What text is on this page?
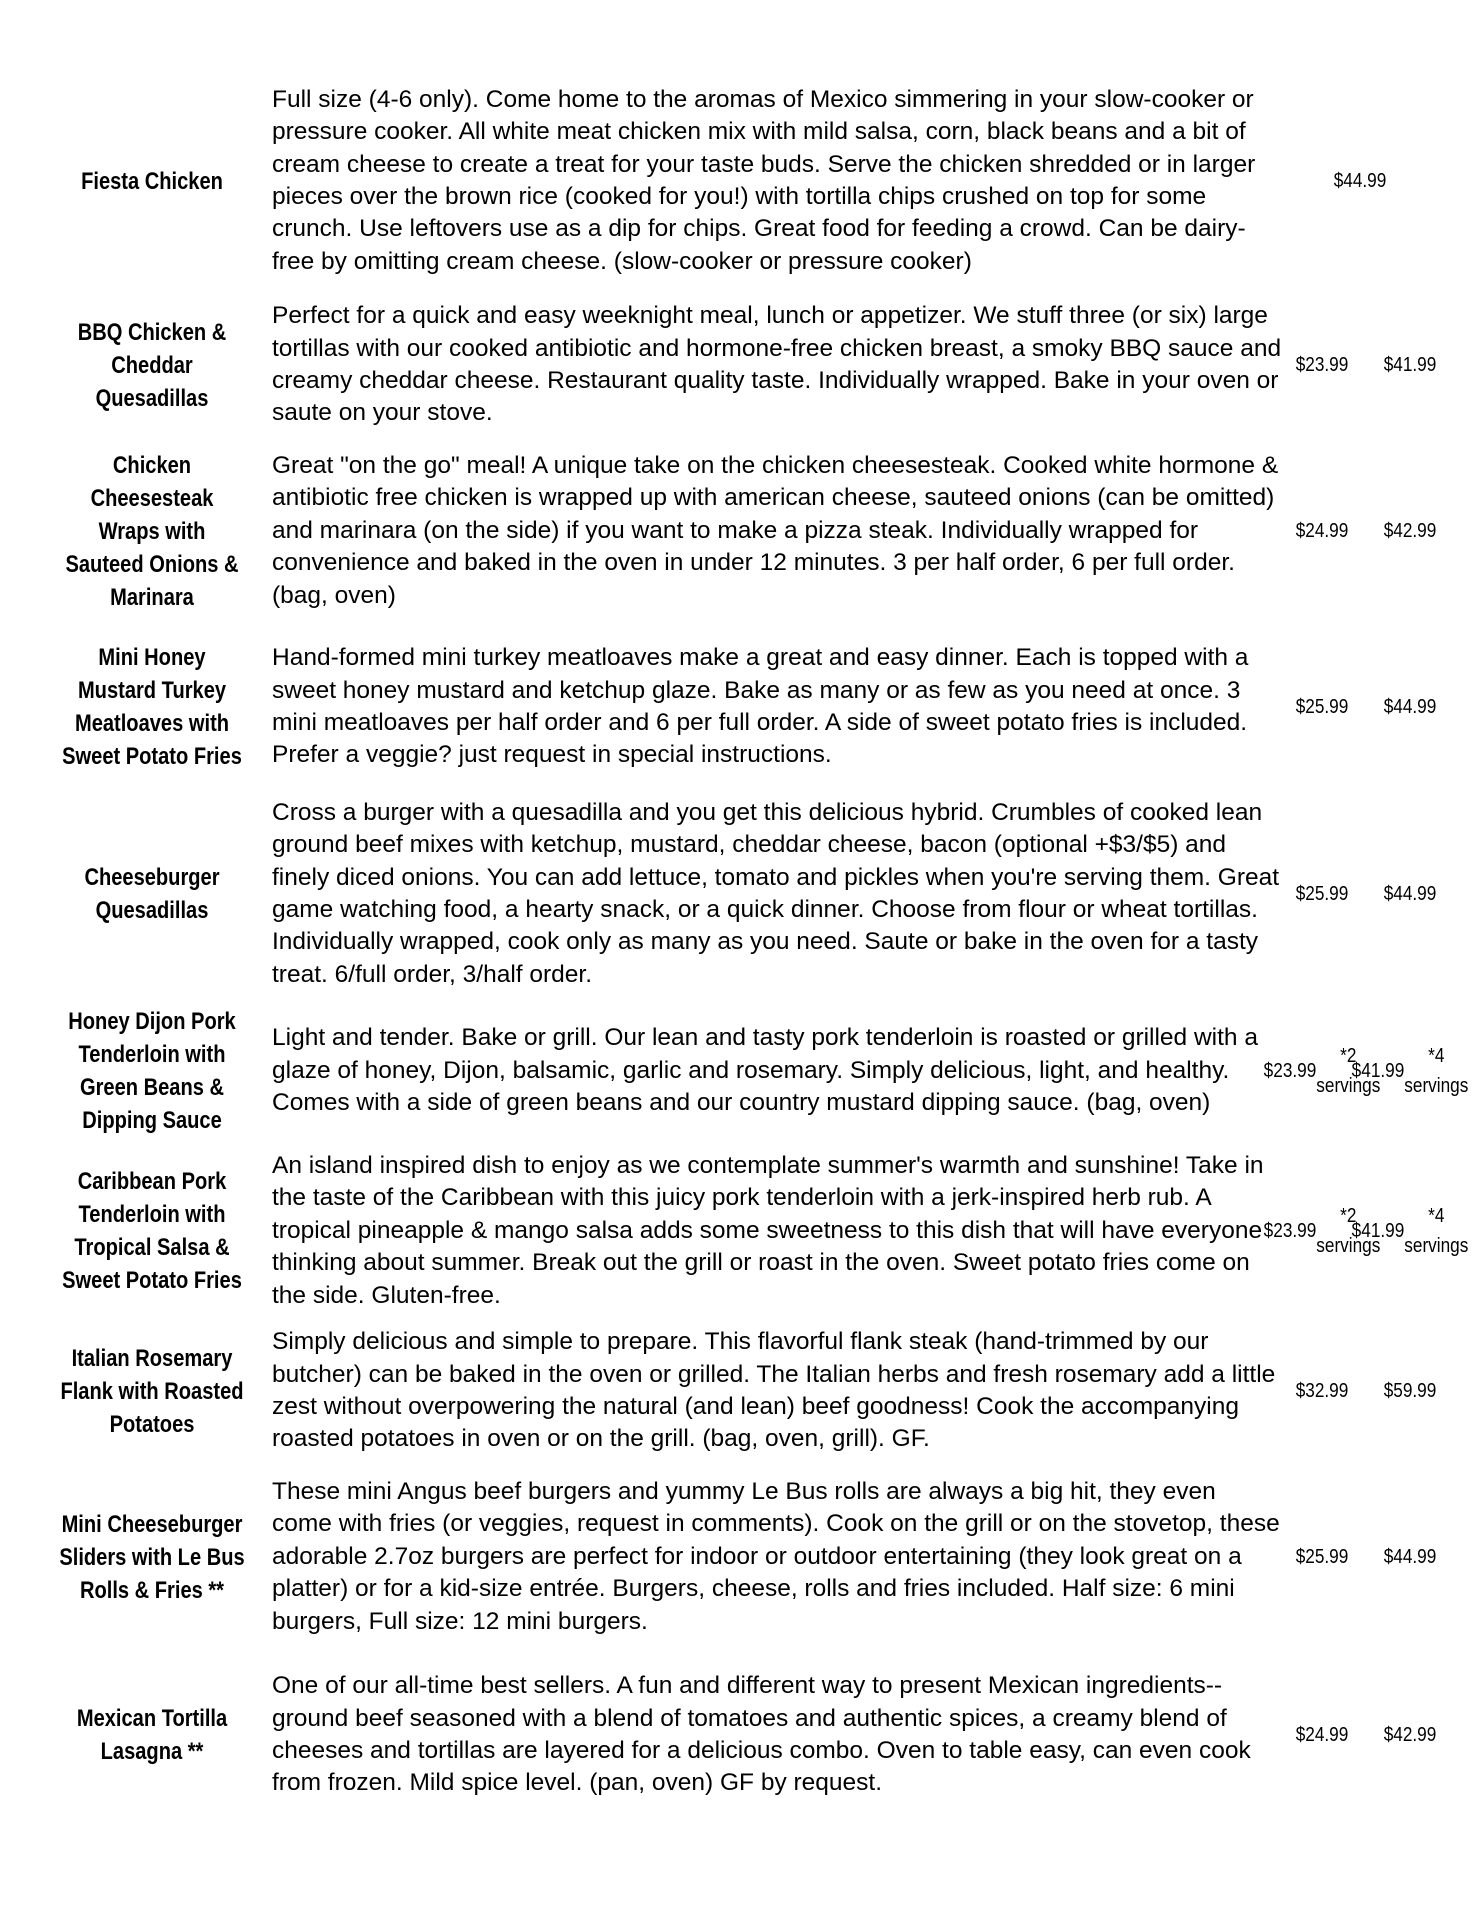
Fiesta Chicken
Full size (4-6 only). Come home to the aromas of Mexico simmering in your slow-cooker or pressure cooker. All white meat chicken mix with mild salsa, corn, black beans and a bit of cream cheese to create a treat for your taste buds. Serve the chicken shredded or in larger pieces over the brown rice (cooked for you!) with tortilla chips crushed on top for some crunch. Use leftovers use as a dip for chips. Great food for feeding a crowd. Can be dairy-free by omitting cream cheese. (slow-cooker or pressure cooker)
$44.99
BBQ Chicken & Cheddar Quesadillas
Perfect for a quick and easy weeknight meal, lunch or appetizer. We stuff three (or six) large tortillas with our cooked antibiotic and hormone-free chicken breast, a smoky BBQ sauce and creamy cheddar cheese. Restaurant quality taste. Individually wrapped. Bake in your oven or saute on your stove.
$23.99 $41.99
Chicken Cheesesteak Wraps with Sauteed Onions & Marinara
Great "on the go" meal! A unique take on the chicken cheesesteak. Cooked white hormone & antibiotic free chicken is wrapped up with american cheese, sauteed onions (can be omitted) and marinara (on the side) if you want to make a pizza steak. Individually wrapped for convenience and baked in the oven in under 12 minutes. 3 per half order, 6 per full order. (bag, oven)
$24.99 $42.99
Mini Honey Mustard Turkey Meatloaves with Sweet Potato Fries
Hand-formed mini turkey meatloaves make a great and easy dinner. Each is topped with a sweet honey mustard and ketchup glaze. Bake as many or as few as you need at once. 3 mini meatloaves per half order and 6 per full order. A side of sweet potato fries is included. Prefer a veggie? just request in special instructions.
$25.99 $44.99
Cheeseburger Quesadillas
Cross a burger with a quesadilla and you get this delicious hybrid. Crumbles of cooked lean ground beef mixes with ketchup, mustard, cheddar cheese, bacon (optional +$3/$5) and finely diced onions. You can add lettuce, tomato and pickles when you're serving them. Great game watching food, a hearty snack, or a quick dinner. Choose from flour or wheat tortillas. Individually wrapped, cook only as many as you need. Saute or bake in the oven for a tasty treat. 6/full order, 3/half order.
$25.99 $44.99
Honey Dijon Pork Tenderloin with Green Beans & Dipping Sauce
Light and tender. Bake or grill. Our lean and tasty pork tenderloin is roasted or grilled with a glaze of honey, Dijon, balsamic, garlic and rosemary. Simply delicious, light, and healthy. Comes with a side of green beans and our country mustard dipping sauce. (bag, oven)
$23.99
*2 servings
$41.99
*4 servings
Caribbean Pork Tenderloin with Tropical Salsa & Sweet Potato Fries
An island inspired dish to enjoy as we contemplate summer's warmth and sunshine! Take in the taste of the Caribbean with this juicy pork tenderloin with a jerk-inspired herb rub. A tropical pineapple & mango salsa adds some sweetness to this dish that will have everyone thinking about summer. Break out the grill or roast in the oven. Sweet potato fries come on the side. Gluten-free.
$23.99
*2 servings
$41.99
*4 servings
Italian Rosemary Flank with Roasted Potatoes
Simply delicious and simple to prepare. This flavorful flank steak (hand-trimmed by our butcher) can be baked in the oven or grilled. The Italian herbs and fresh rosemary add a little zest without overpowering the natural (and lean) beef goodness! Cook the accompanying roasted potatoes in oven or on the grill. (bag, oven, grill). GF.
$32.99 $59.99
Mini Cheeseburger Sliders with Le Bus Rolls & Fries **
These mini Angus beef burgers and yummy Le Bus rolls are always a big hit, they even come with fries (or veggies, request in comments). Cook on the grill or on the stovetop, these adorable 2.7oz burgers are perfect for indoor or outdoor entertaining (they look great on a platter) or for a kid-size entrée. Burgers, cheese, rolls and fries included. Half size: 6 mini burgers, Full size: 12 mini burgers.
$25.99 $44.99
Mexican Tortilla Lasagna **
One of our all-time best sellers. A fun and different way to present Mexican ingredients-- ground beef seasoned with a blend of tomatoes and authentic spices, a creamy blend of cheeses and tortillas are layered for a delicious combo. Oven to table easy, can even cook from frozen. Mild spice level. (pan, oven) GF by request.
$24.99 $42.99
